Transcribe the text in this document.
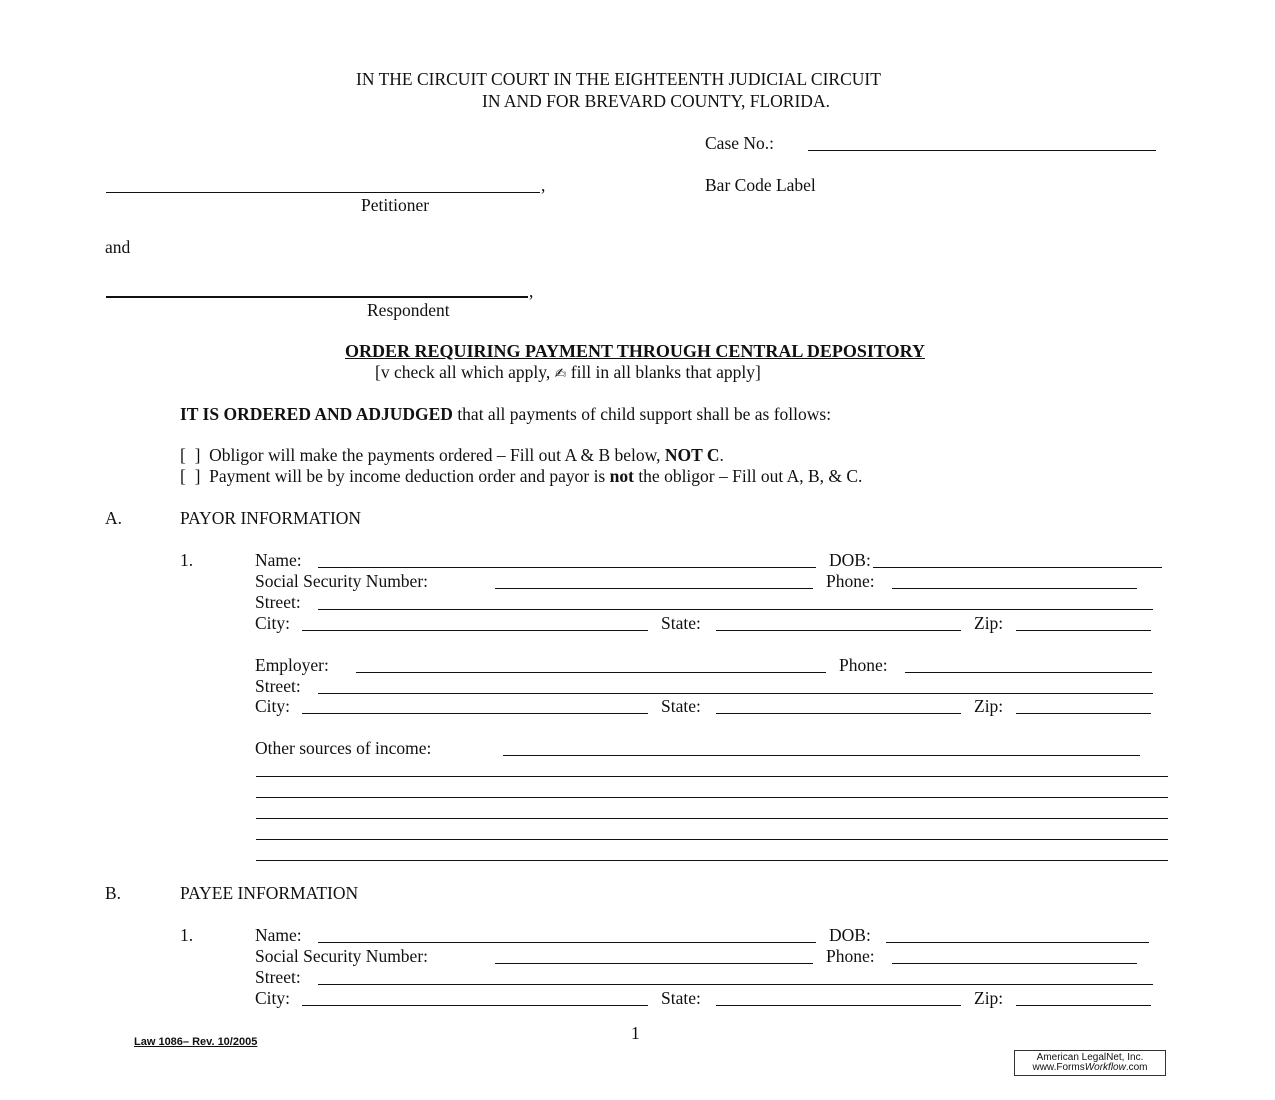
IN THE CIRCUIT COURT IN THE EIGHTEENTH JUDICIAL CIRCUIT
IN AND FOR BREVARD COUNTY, FLORIDA.
Case No.:
Bar Code Label
,
Petitioner
and
,
Respondent
ORDER REQUIRING PAYMENT THROUGH CENTRAL DEPOSITORY
[v check all which apply, ✍ fill in all blanks that apply]
IT IS ORDERED AND ADJUDGED that all payments of child support shall be as follows:
[  ] Obligor will make the payments ordered – Fill out A & B below, NOT C.
[  ] Payment will be by income deduction order and payor is not the obligor – Fill out A, B, & C.
A.	PAYOR INFORMATION
1.	Name:	DOB:
Social Security Number:	Phone:
Street:
City:	State:	Zip:
Employer:	Phone:
Street:
City:	State:	Zip:
Other sources of income:
B.	PAYEE INFORMATION
1.	Name:	DOB:
Social Security Number:	Phone:
Street:
City:	State:	Zip:
1
Law 1086– Rev. 10/2005
American LegalNet, Inc.
www.FormsWorkflow.com
